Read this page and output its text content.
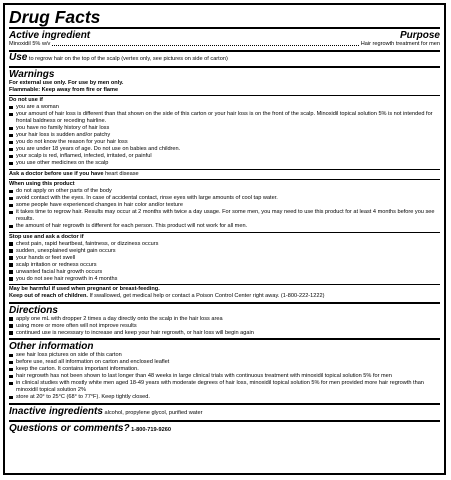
Drug Facts
Active ingredient	Purpose
Minoxidil 5% w/v	Hair regrowth treatment for men
Use to regrow hair on the top of the scalp (vertex only, see pictures on side of carton)
Warnings
For external use only. For use by men only.
Flammable: Keep away from fire or flame
Do not use if
you are a woman
your amount of hair loss is different than that shown on the side of this carton or your hair loss is on the front of the scalp. Minoxidil topical solution 5% is not intended for frontal baldness or receding hairline.
you have no family history of hair loss
your hair loss is sudden and/or patchy
you do not know the reason for your hair loss
you are under 18 years of age. Do not use on babies and children.
your scalp is red, inflamed, infected, irritated, or painful
you use other medicines on the scalp
Ask a doctor before use if you have heart disease
When using this product
do not apply on other parts of the body
avoid contact with the eyes. In case of accidental contact, rinse eyes with large amounts of cool tap water.
some people have experienced changes in hair color and/or texture
it takes time to regrow hair. Results may occur at 2 months with twice a day usage. For some men, you may need to use this product for at least 4 months before you see results.
the amount of hair regrowth is different for each person. This product will not work for all men.
Stop use and ask a doctor if
chest pain, rapid heartbeat, faintness, or dizziness occurs
sudden, unexplained weight gain occurs
your hands or feet swell
scalp irritation or redness occurs
unwanted facial hair growth occurs
you do not see hair regrowth in 4 months
May be harmful if used when pregnant or breast-feeding.
Keep out of reach of children. If swallowed, get medical help or contact a Poison Control Center right away. (1-800-222-1222)
Directions
apply one mL with dropper 2 times a day directly onto the scalp in the hair loss area
using more or more often will not improve results
continued use is necessary to increase and keep your hair regrowth, or hair loss will begin again
Other information
see hair loss pictures on side of this carton
before use, read all information on carton and enclosed leaflet
keep the carton. It contains important information.
hair regrowth has not been shown to last longer than 48 weeks in large clinical trials with continuous treatment with minoxidil topical solution 5% for men
in clinical studies with mostly white men aged 18-49 years with moderate degrees of hair loss, minoxidil topical solution 5% for men provided more hair regrowth than minoxidil topical solution 2%
store at 20° to 25°C (68° to 77°F). Keep tightly closed.
Inactive ingredients alcohol, propylene glycol, purified water
Questions or comments? 1-800-719-9260
